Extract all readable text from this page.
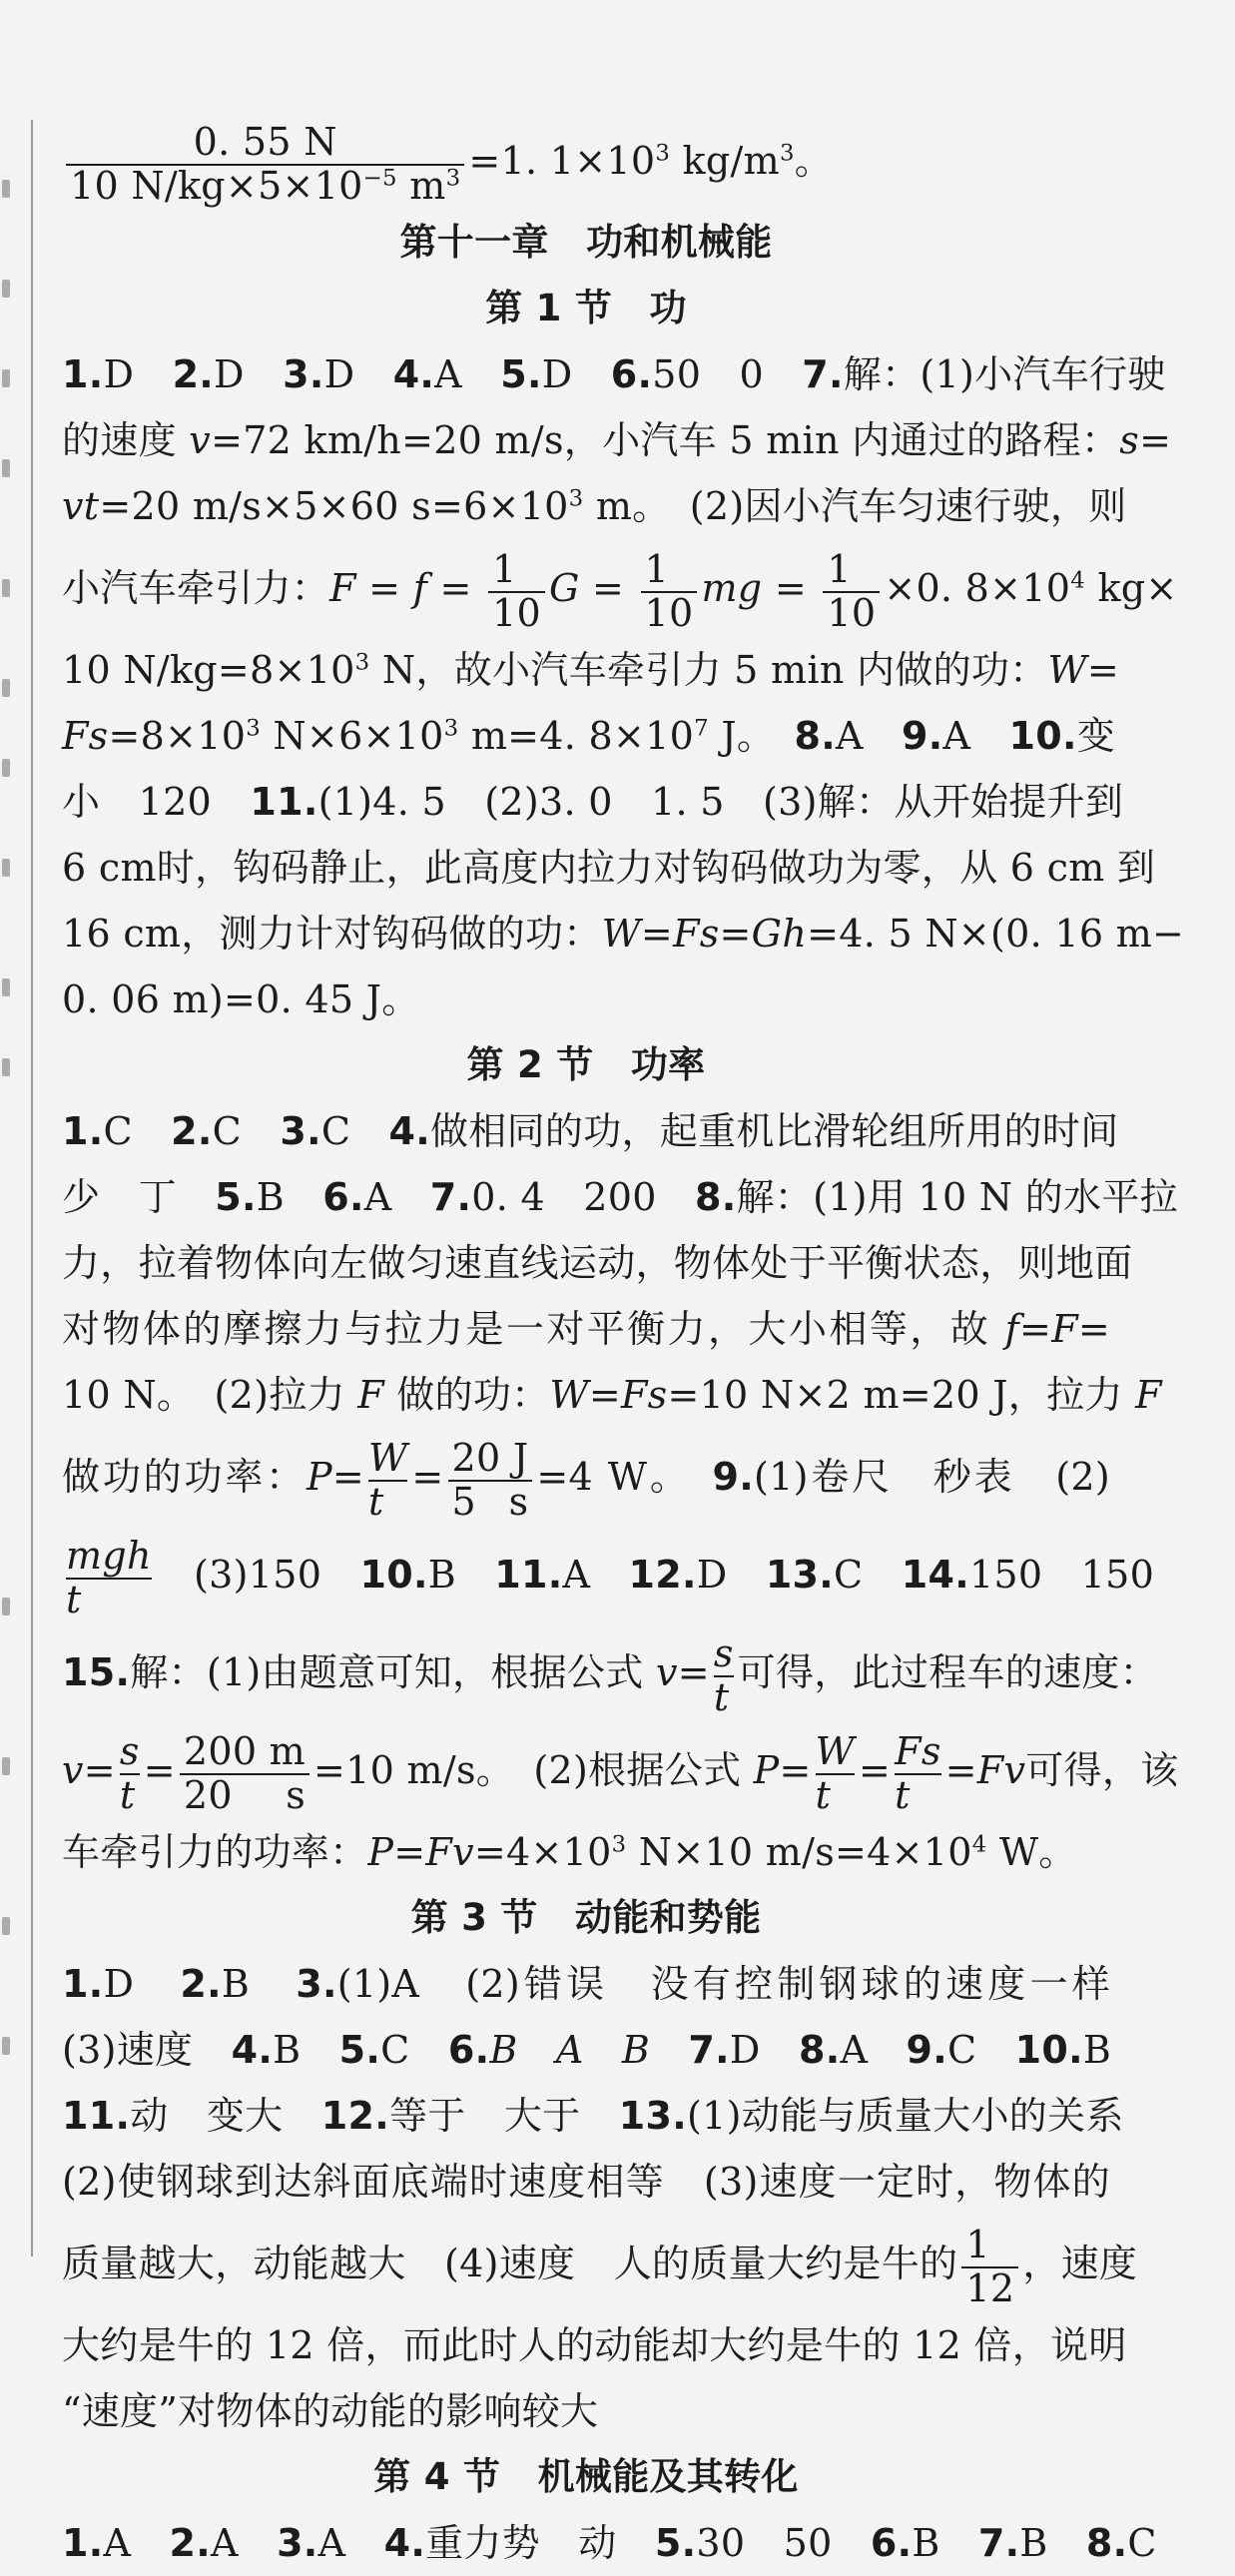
$\frac{0. 55 N}{10 N/kg\times 5\times 10^{-5} m^3} =1$. $1\times 10^3$ $kg/m^3$。
第十一章　功和机械能
第 1 节　功
1.D　2.D　3.D　4.A　5.D　6.50　0　7.解：(1)小汽车行驶
的速度 v=72 km/h=20 m/s，小汽车 5 min 内通过的路程：s=
vt=20 m/s×5×60 $s=6\times 10^3$ m。　(2)因小汽车匀速行驶，则
小汽车牵引力：$F = f = \frac{1}{10}$ $G = \frac{1}{10}$ mg = $\frac{1}{10} \times 0$. $8\times 10^4$ kg×
10 $N/kg=8\times 10^3$ N，故小汽车牵引力 5 min 内做的功：W=
$Fs=8\times 10^3$ $N\times 6\times 10^3$ m=4. $8\times 10^7$ J。　8.A　9.A　10.变
小　120　11.(1)4. 5　(2)3. 0　1. 5　(3)解：从开始提升到
6 cm时，钩码静止，此高度内拉力对钩码做功为零，从 6 cm 到
16 cm，测力计对钩码做的功：W=Fs=Gh=4. 5 N×(0. 16 m−
0. 06 m)=0. 45 J。
第 2 节　功率
1.C　2.C　3.C　4.做相同的功，起重机比滑轮组所用的时间
少　丁　5.B　6.A　7.0. 4　200　8.解：(1)用 10 N 的水平拉
力，拉着物体向左做匀速直线运动，物体处于平衡状态，则地面
对物体的摩擦力与拉力是一对平衡力，大小相等，故 f=F=
10 N。　(2)拉力 F 做的功：W=Fs=10 N×2 m=20 J，拉力 F
做功的功率：$P= \frac{W}{t} = \frac{20 J}{5 s} =4$ W。　9.(1)卷尺　秒表　(2)
$\frac{\text{mgh}}{t}$ 　(3)150　10.B　11.A　12.D　13.C　14.150　150
15.解：(1)由题意可知，根据公式 $v= \frac{s}{t}$ 可得，此过程车的速度：
$v= \frac{s}{t} = \frac{200 m}{20 s} =10$ m/s。　(2)根据公式 $P= \frac{W}{t} = \frac{Fs}{t} =Fv$可得，该
车牵引力的功率：$P=Fv=4\times 10^3$ N×10 $m/s=4\times 10^4$ W。
第 3 节　动能和势能
1.D　2.B　3.(1)A　(2)错误　没有控制钢球的速度一样
(3)速度　4.B　5.C　6.B　A　B　7.D　8.A　9.C　10.B
11.动　变大　12.等于　大于　13.(1)动能与质量大小的关系
(2)使钢球到达斜面底端时速度相等　(3)速度一定时，物体的
质量越大，动能越大　(4)速度　人的质量大约是牛的 $\frac{1}{12}$ ，速度
大约是牛的 12 倍，而此时人的动能却大约是牛的 12 倍，说明
“速度”对物体的动能的影响较大
第 4 节　机械能及其转化
1.A　2.A　3.A　4.重力势　动　5.30　50　6.B　7.B　8.C
